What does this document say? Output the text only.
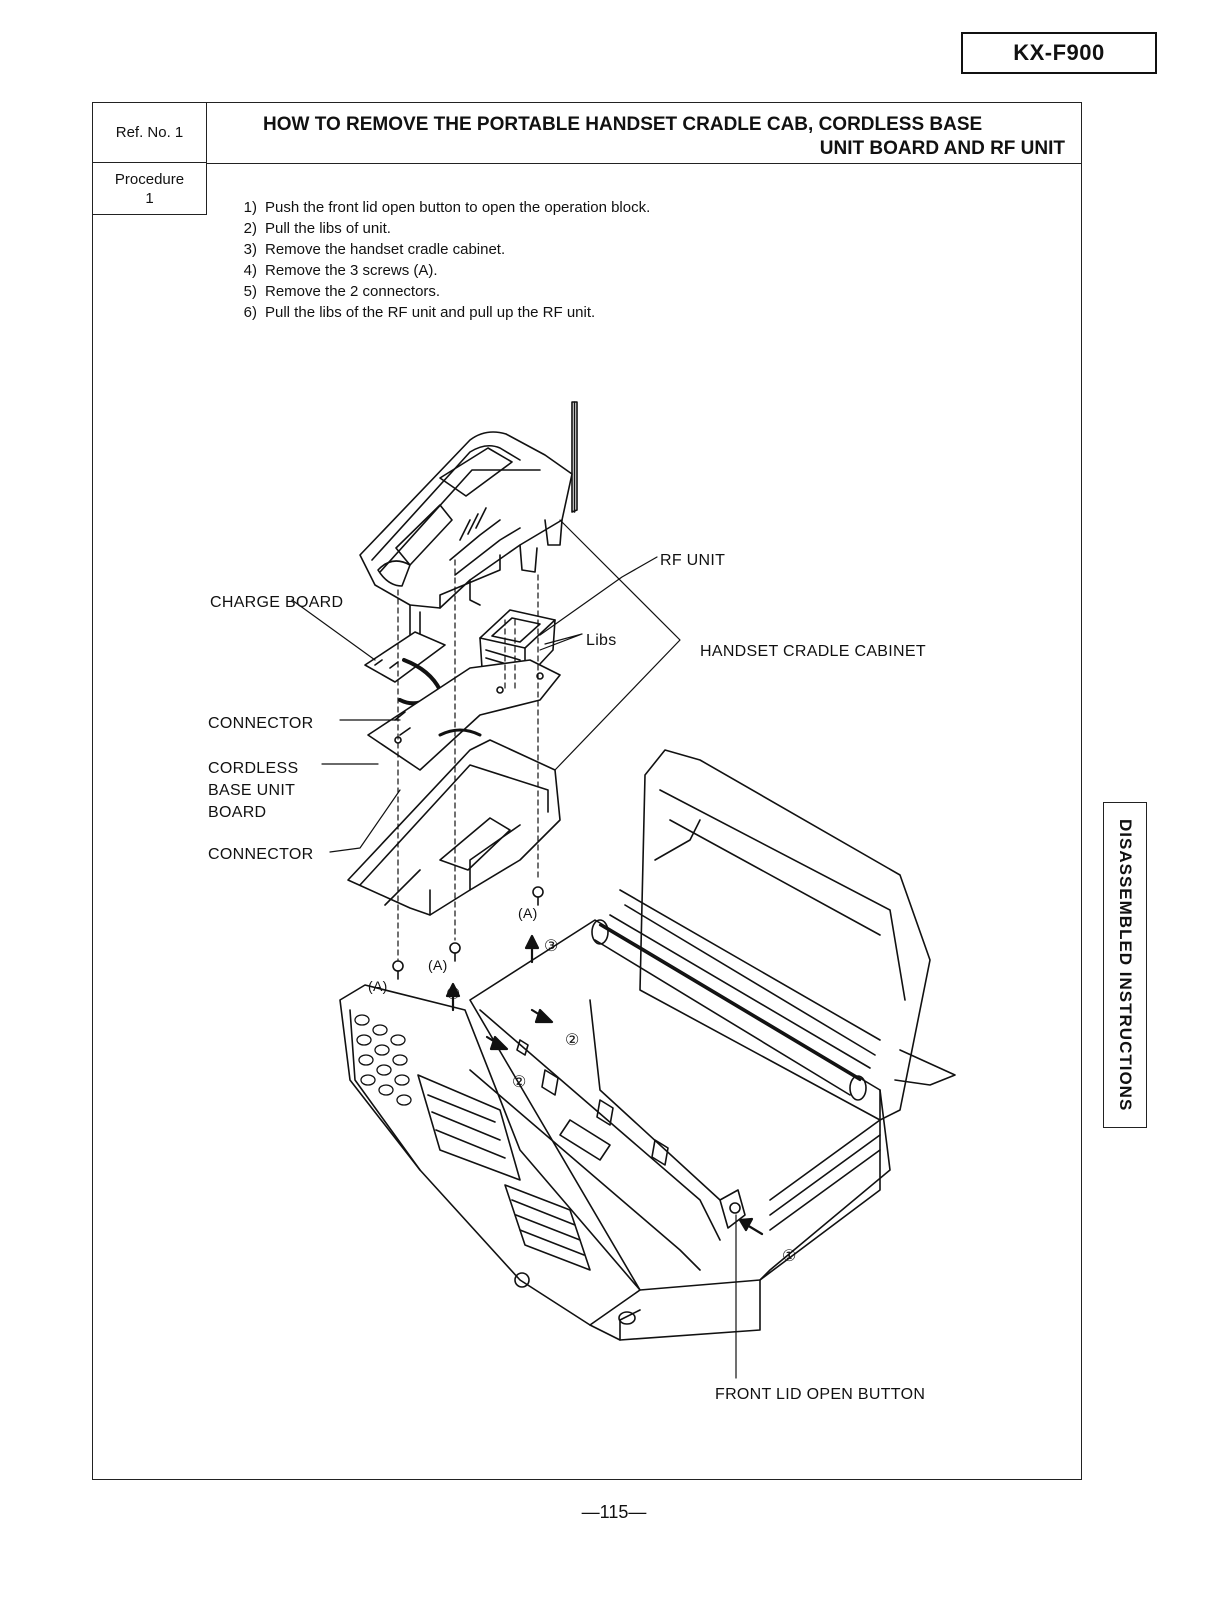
KX-F900
Ref. No. 1
Procedure
1
HOW TO REMOVE THE PORTABLE HANDSET CRADLE CAB, CORDLESS BASE
UNIT BOARD AND RF UNIT
1) Push the front lid open button to open the operation block.
2) Pull the libs of unit.
3) Remove the handset cradle cabinet.
4) Remove the 3 screws (A).
5) Remove the 2 connectors.
6) Pull the libs of the RF unit and pull up the RF unit.
RF UNIT
CHARGE BOARD
Libs
HANDSET CRADLE CABINET
CONNECTOR
CORDLESS
BASE UNIT
BOARD
CONNECTOR
(A)
(A)
(A)
③
③
②
②
①
FRONT LID OPEN BUTTON
DISASSEMBLED INSTRUCTIONS
—115—
